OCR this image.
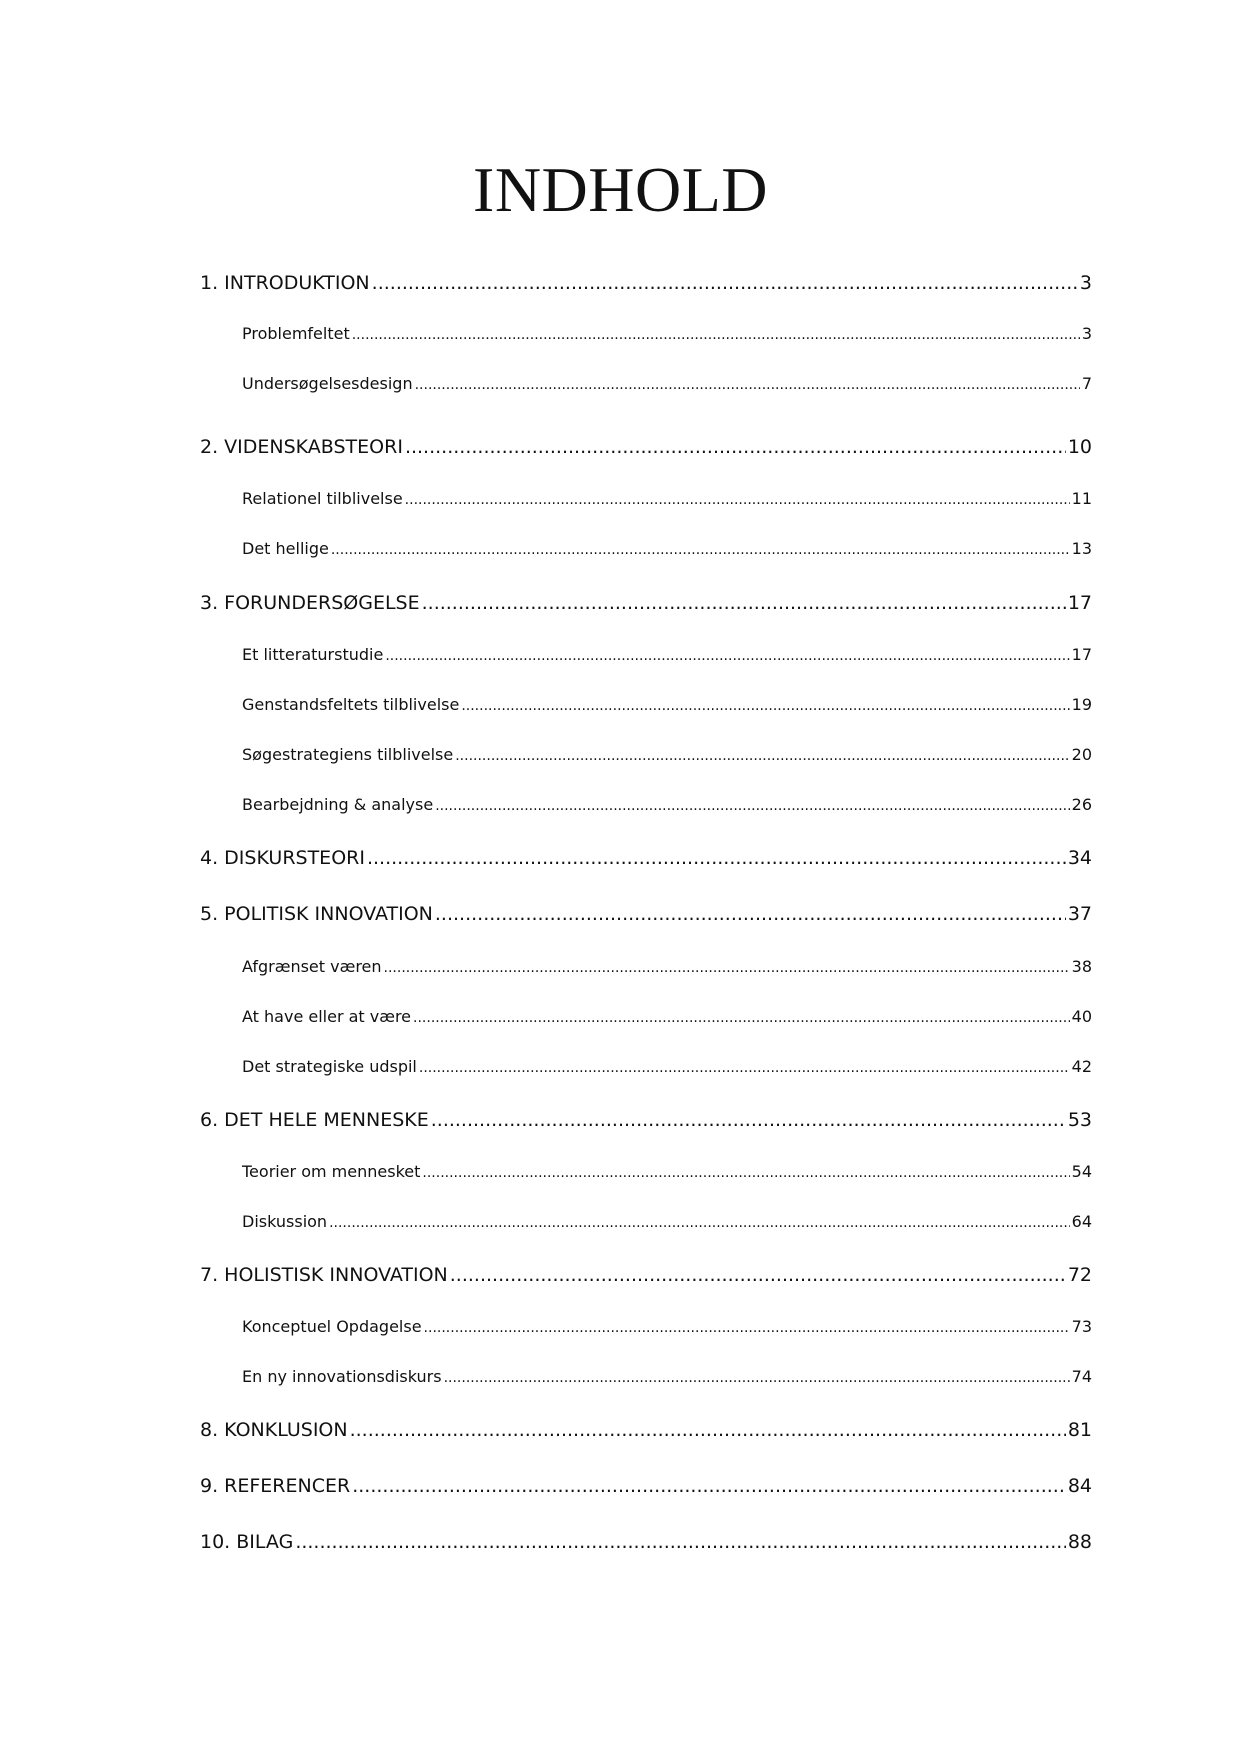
INDHOLD
1. INTRODUKTION .....	3
Problemfeltet .....	3
Undersøgelsesdesign .....	7
2. VIDENSKABSTEORI .....	10
Relationel tilblivelse .....	11
Det hellige .....	13
3. FORUNDERSØGELSE .....	17
Et litteraturstudie .....	17
Genstandsfeltets tilblivelse .....	19
Søgestrategiens tilblivelse .....	20
Bearbejdning & analyse .....	26
4. DISKURSTEORI .....	34
5. POLITISK INNOVATION .....	37
Afgrænset væren .....	38
At have eller at være .....	40
Det strategiske udspil .....	42
6. DET HELE MENNESKE .....	53
Teorier om mennesket .....	54
Diskussion .....	64
7. HOLISTISK INNOVATION .....	72
Konceptuel Opdagelse .....	73
En ny innovationsdiskurs .....	74
8. KONKLUSION .....	81
9. REFERENCER .....	84
10. BILAG .....	88
